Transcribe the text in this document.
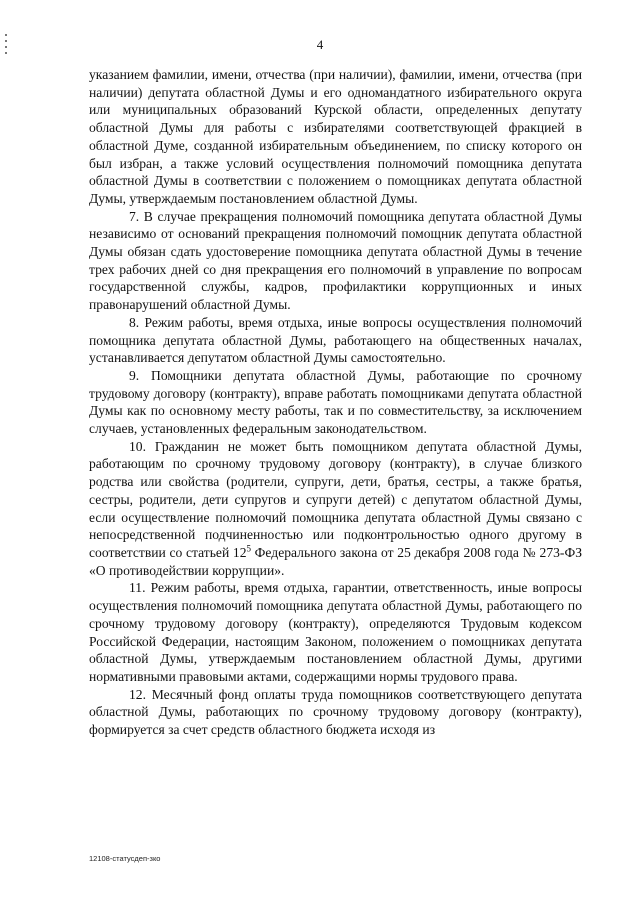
4

указанием фамилии, имени, отчества (при наличии), фамилии, имени, отчества (при наличии) депутата областной Думы и его одномандатного избирательного округа или муниципальных образований Курской области, определенных депутату областной Думы для работы с избирателями соответствующей фракцией в областной Думе, созданной избирательным объединением, по списку которого он был избран, а также условий осуществления полномочий помощника депутата областной Думы в соответствии с положением о помощниках депутата областной Думы, утверждаемым постановлением областной Думы.

7. В случае прекращения полномочий помощника депутата областной Думы независимо от оснований прекращения полномочий помощник депутата областной Думы обязан сдать удостоверение помощника депутата областной Думы в течение трех рабочих дней со дня прекращения его полномочий в управление по вопросам государственной службы, кадров, профилактики коррупционных и иных правонарушений областной Думы.

8. Режим работы, время отдыха, иные вопросы осуществления полномочий помощника депутата областной Думы, работающего на общественных началах, устанавливается депутатом областной Думы самостоятельно.

9. Помощники депутата областной Думы, работающие по срочному трудовому договору (контракту), вправе работать помощниками депутата областной Думы как по основному месту работы, так и по совместительству, за исключением случаев, установленных федеральным законодательством.

10. Гражданин не может быть помощником депутата областной Думы, работающим по срочному трудовому договору (контракту), в случае близкого родства или свойства (родители, супруги, дети, братья, сестры, а также братья, сестры, родители, дети супругов и супруги детей) с депутатом областной Думы, если осуществление полномочий помощника депутата областной Думы связано с непосредственной подчиненностью или подконтрольностью одного другому в соответствии со статьей $12^5$ Федерального закона от 25 декабря 2008 года № 273-ФЗ «О противодействии коррупции».

11. Режим работы, время отдыха, гарантии, ответственность, иные вопросы осуществления полномочий помощника депутата областной Думы, работающего по срочному трудовому договору (контракту), определяются Трудовым кодексом Российской Федерации, настоящим Законом, положением о помощниках депутата областной Думы, утверждаемым постановлением областной Думы, другими нормативными правовыми актами, содержащими нормы трудового права.

12. Месячный фонд оплаты труда помощников соответствующего депутата областной Думы, работающих по срочному трудовому договору (контракту), формируется за счет средств областного бюджета исходя из

12108-статусдеп-зко
